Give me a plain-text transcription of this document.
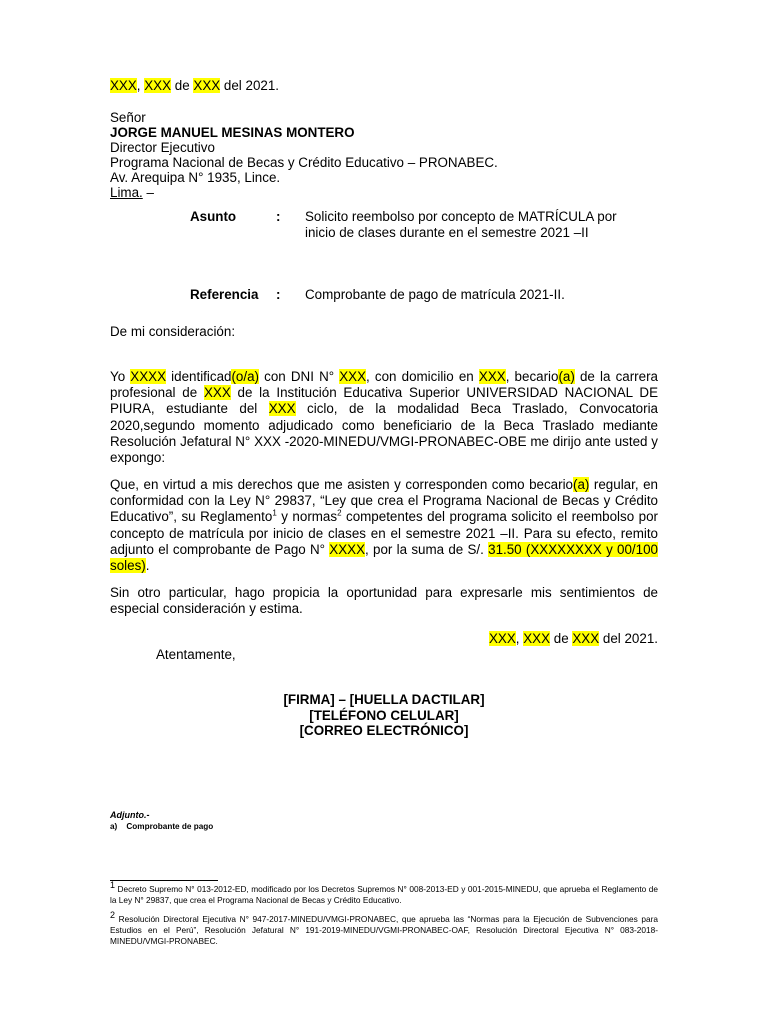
XXX, XXX de XXX del 2021.
Señor
JORGE MANUEL MESINAS MONTERO
Director Ejecutivo
Programa Nacional de Becas y Crédito Educativo – PRONABEC.
Av. Arequipa N° 1935, Lince.
Lima. –
Asunto	: Solicito reembolso por concepto de MATRÍCULA por
inicio de clases durante en el semestre 2021 –II
Referencia : Comprobante de pago de matrícula 2021-II.
De mi consideración:
Yo XXXX identificad(o/a) con DNI N° XXX, con domicilio en XXX, becario(a) de la carrera profesional de XXX de la Institución Educativa Superior UNIVERSIDAD NACIONAL DE PIURA, estudiante del XXX ciclo, de la modalidad Beca Traslado, Convocatoria 2020,segundo momento adjudicado como beneficiario de la Beca Traslado mediante Resolución Jefatural N° XXX -2020-MINEDU/VMGI-PRONABEC-OBE me dirijo ante usted y expongo:
Que, en virtud a mis derechos que me asisten y corresponden como becario(a) regular, en conformidad con la Ley N° 29837, “Ley que crea el Programa Nacional de Becas y Crédito Educativo”, su Reglamento$^1$ y normas$^2$ competentes del programa solicito el reembolso por concepto de matrícula por inicio de clases en el semestre 2021 –II. Para su efecto, remito adjunto el comprobante de Pago N° XXXX, por la suma de S/. 31.50 (XXXXXXXX y 00/100 soles).
Sin otro particular, hago propicia la oportunidad para expresarle mis sentimientos de especial consideración y estima.
XXX, XXX de XXX del 2021.
Atentamente,
[FIRMA] – [HUELLA DACTILAR]
[TELÉFONO CELULAR]
[CORREO ELECTRÓNICO]
Adjunto.-
a)    Comprobante de pago
$^1$ Decreto Supremo N° 013-2012-ED, modificado por los Decretos Supremos N° 008-2013-ED y 001-2015-MINEDU, que aprueba el Reglamento de la Ley N° 29837, que crea el Programa Nacional de Becas y Crédito Educativo.
$^2$ Resolución Directoral Ejecutiva N° 947-2017-MINEDU/VMGI-PRONABEC, que aprueba las “Normas para la Ejecución de Subvenciones para Estudios en el Perú”, Resolución Jefatural N° 191-2019-MINEDU/VGMI-PRONABEC-OAF, Resolución Directoral Ejecutiva N° 083-2018-MINEDU/VMGI-PRONABEC.
